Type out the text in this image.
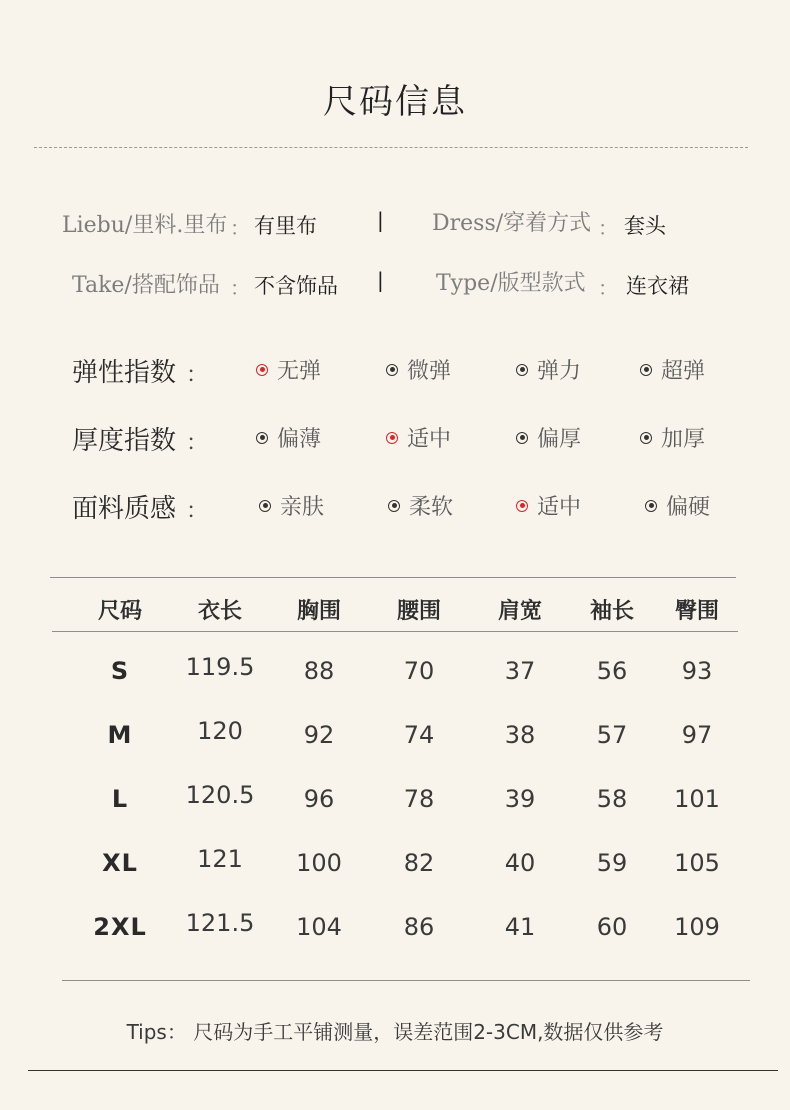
尺码信息
Liebu/里料.里布 ： 有里布	| Dress/穿着方式 ： 套头
Take/搭配饰品 ： 不含饰品 | Type/版型款式 ： 连衣裙
弹性指数 ：	无弹	微弹	弹力	超弹
厚度指数 ：	偏薄	适中	偏厚	加厚
面料质感 ：	亲肤	柔软	适中	偏硬
尺码	衣长	胸围	腰围	肩宽	袖长	臀围
S	119.5	88	70	37	56	93
M	120	92	74	38	57	97
L	120.5	96	78	39	58	101
XL	121	100	82	40	59	105
2XL	121.5	104	86	41	60	109
Tips： 尺码为手工平铺测量，误差范围2-3CM,数据仅供参考
